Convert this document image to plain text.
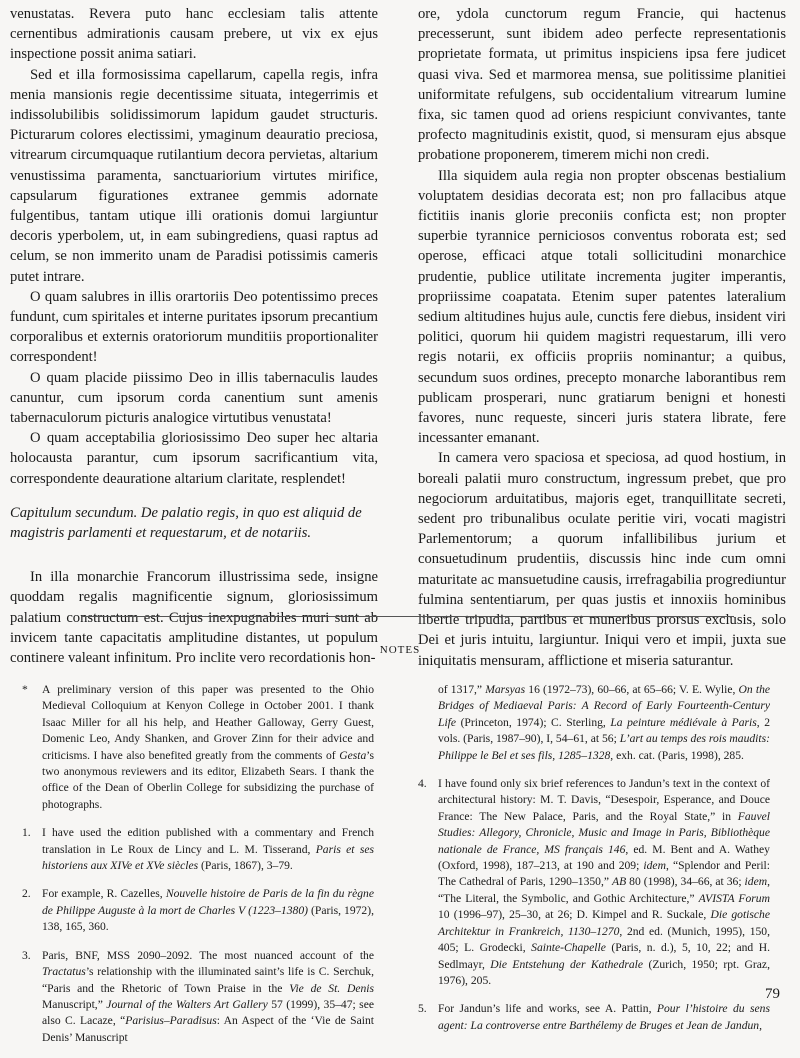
venustatas. Revera puto hanc ecclesiam talis attente cernentibus admirationis causam prebere, ut vix ex ejus inspectione possit anima satiari.

Sed et illa formosissima capellarum, capella regis, infra menia mansionis regie decentissime situata, integerrimis et indissolubilibis solidissimorum lapidum gaudet structuris. Picturarum colores electissimi, ymaginum deauratio preciosa, vitrearum circumquaque rutilantium decora pervietas, altarium venustissima paramenta, sanctuariorium virtutes mirifice, capsularum figurationes extranee gemmis adornate fulgentibus, tantam utique illi orationis domui largiuntur decoris yperbolem, ut, in eam subingrediens, quasi raptus ad celum, se non immerito unam de Paradisi potissimis cameris putet intrare.

O quam salubres in illis orartoriis Deo potentissimo preces fundunt, cum spiritales et interne puritates ipsorum precantium corporalibus et externis oratoriorum munditiis proportionaliter correspondent!

O quam placide piissimo Deo in illis tabernaculis laudes canuntur, cum ipsorum corda canentium sunt amenis tabernaculorum picturis analogice virtutibus venustata!

O quam acceptabilia gloriosissimo Deo super hec altaria holocausta parantur, cum ipsorum sacrificantium vita, correspondente deauratione altarium claritate, resplendet!

Capitulum secundum. De palatio regis, in quo est aliquid de magistris parlamenti et requestarum, et de notariis.

In illa monarchie Francorum illustrissima sede, insigne quoddam regalis magnificentie signum, gloriosissimum palatium constructum est. Cujus inexpugnabiles muri sunt ab invicem tante capacitatis amplitudine distantes, ut populum continere valeant infinitum. Pro inclite vero recordationis hon-

ore, ydola cunctorum regum Francie, qui hactenus precesserunt, sunt ibidem adeo perfecte representationis proprietate formata, ut primitus inspiciens ipsa fere judicet quasi viva. Sed et marmorea mensa, sue politissime planitiei uniformitate refulgens, sub occidentalium vitrearum lumine fixa, sic tamen quod ad oriens respiciunt convivantes, tante profecto magnitudinis existit, quod, si mensuram ejus absque probatione proponerem, timerem michi non credi.

Illa siquidem aula regia non propter obscenas bestialium voluptatem desidias decorata est; non pro fallacibus atque fictitiis inanis glorie preconiis conficta est; non propter superbie tyrannice perniciosos conventus roborata est; sed operose, efficaci atque totali sollicitudini monarchice prudentie, publice utilitate incrementa jugiter imperantis, propriissime coapatata. Etenim super patentes lateralium sedium altitudines hujus aule, cunctis fere diebus, insident viri politici, quorum hii quidem magistri requestarum, illi vero regis notarii, ex officiis propriis nominantur; a quibus, secundum suos ordines, precepto monarche laborantibus rem publicam prosperari, nunc gratiarum benigni et honesti favores, nunc requeste, sinceri juris statera librate, fere incessanter emanant.

In camera vero spaciosa et speciosa, ad quod hostium, in boreali palatii muro constructum, ingressum prebet, que pro negociorum arduitatibus, majoris eget, tranquillitate secreti, sedent pro tribunalibus oculate peritie viri, vocati magistri Parlementorum; a quorum infallibilibus jurium et consuetudinum prudentiis, discussis hinc inde cum omni maturitate ac mansuetudine causis, irrefragabilia progrediuntur fulmina sententiarum, per quas justis et innoxiis hominibus libertie tripudia, partibus et muneribus prorsus exclusis, solo Dei et juris intuitu, largiuntur. Iniqui vero et impii, juxta sue iniquitatis mensuram, afflictione et miseria saturantur.

NOTES
* A preliminary version of this paper was presented to the Ohio Medieval Colloquium at Kenyon College in October 2001. I thank Isaac Miller for all his help, and Heather Galloway, Gerry Guest, Domenic Leo, Andy Shanken, and Grover Zinn for their advice and criticisms. I have also benefited greatly from the comments of Gesta’s two anonymous reviewers and its editor, Elizabeth Sears. I thank the office of the Dean of Oberlin College for subsidizing the purchase of photographs.
1. I have used the edition published with a commentary and French translation in Le Roux de Lincy and L. M. Tisserand, Paris et ses historiens aux XIVe et XVe siècles (Paris, 1867), 3–79.
2. For example, R. Cazelles, Nouvelle histoire de Paris de la fin du règne de Philippe Auguste à la mort de Charles V (1223–1380) (Paris, 1972), 138, 165, 360.
3. Paris, BNF, MSS 2090–2092. The most nuanced account of the Tractatus’s relationship with the illuminated saint’s life is C. Serchuk, “Paris and the Rhetoric of Town Praise in the Vie de St. Denis Manuscript,” Journal of the Walters Art Gallery 57 (1999), 35–47; see also C. Lacaze, “Parisius–Paradisus: An Aspect of the ‘Vie de Saint Denis’ Manuscript
of 1317,” Marsyas 16 (1972–73), 60–66, at 65–66; V. E. Wylie, On the Bridges of Mediaeval Paris: A Record of Early Fourteenth-Century Life (Princeton, 1974); C. Sterling, La peinture médiévale à Paris, 2 vols. (Paris, 1987–90), I, 54–61, at 56; L’art au temps des rois maudits: Philippe le Bel et ses fils, 1285–1328, exh. cat. (Paris, 1998), 285.
4. I have found only six brief references to Jandun’s text in the context of architectural history: M. T. Davis, “Desespoir, Esperance, and Douce France: The New Palace, Paris, and the Royal State,” in Fauvel Studies: Allegory, Chronicle, Music and Image in Paris, Bibliothèque nationale de France, MS français 146, ed. M. Bent and A. Wathey (Oxford, 1998), 187–213, at 190 and 209; idem, “Splendor and Peril: The Cathedral of Paris, 1290–1350,” AB 80 (1998), 34–66, at 36; idem, “The Literal, the Symbolic, and Gothic Architecture,” AVISTA Forum 10 (1996–97), 25–30, at 26; D. Kimpel and R. Suckale, Die gotische Architektur in Frankreich, 1130–1270, 2nd ed. (Munich, 1995), 150, 405; L. Grodecki, Sainte-Chapelle (Paris, n. d.), 5, 10, 22; and H. Sedlmayr, Die Entstehung der Kathedrale (Zurich, 1950; rpt. Graz, 1976), 205.
5. For Jandun’s life and works, see A. Pattin, Pour l’histoire du sens agent: La controverse entre Barthélemy de Bruges et Jean de Jandun,
79
